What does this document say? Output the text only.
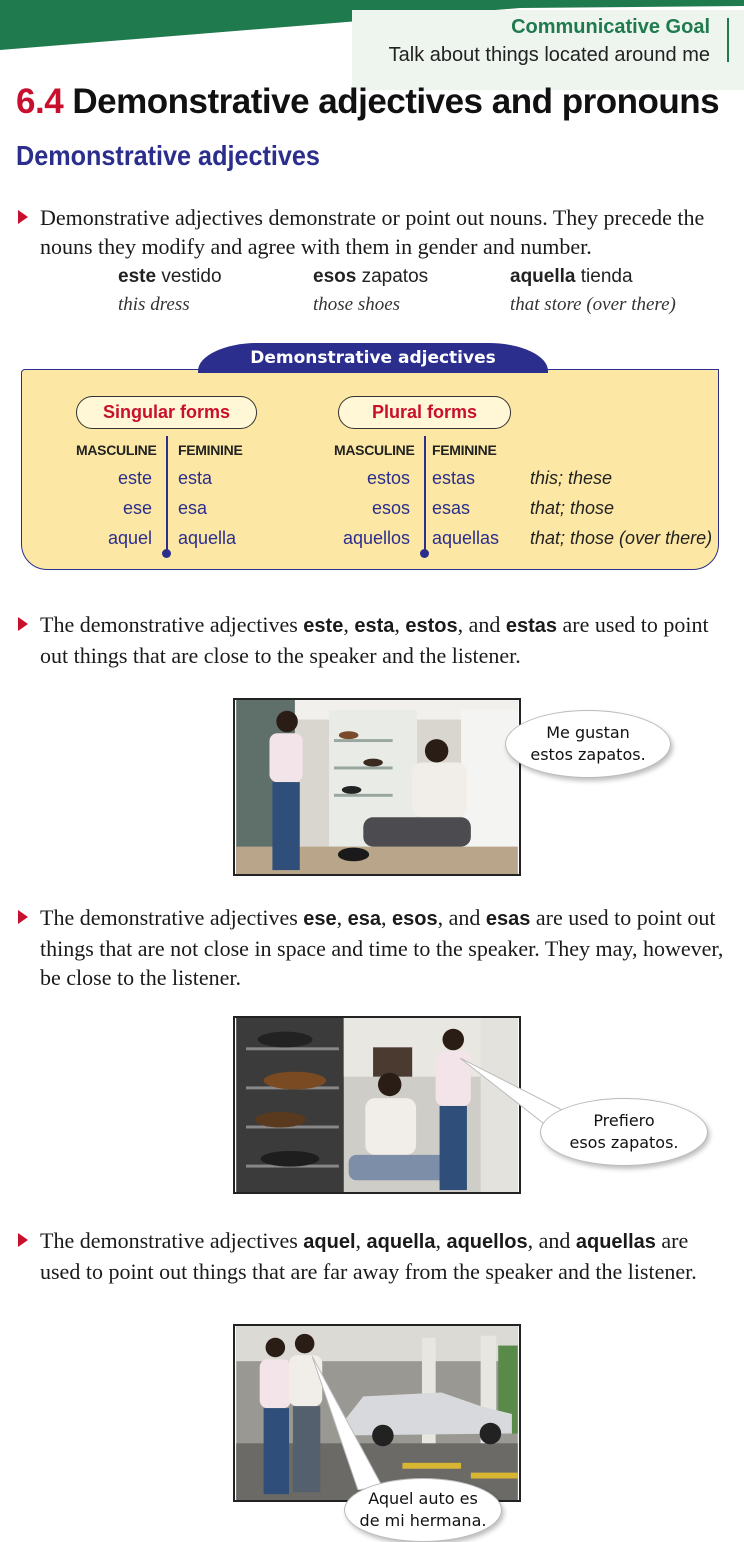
Communicative Goal
Talk about things located around me
6.4 Demonstrative adjectives and pronouns
Demonstrative adjectives
Demonstrative adjectives demonstrate or point out nouns. They precede the nouns they modify and agree with them in gender and number.
este vestido
this dress
esos zapatos
those shoes
aquella tienda
that store (over there)
Demonstrative adjectives
Singular forms	Plural forms
MASCULINE FEMININE	MASCULINE FEMININE
este esta	estos estas	this; these
ese esa	esos esas	that; those
aquel aquella	aquellos aquellas that; those (over there)
The demonstrative adjectives este, esta, estos, and estas are used to point out things that are close to the speaker and the listener.
Me gustan
estos zapatos.
The demonstrative adjectives ese, esa, esos, and esas are used to point out things that are not close in space and time to the speaker. They may, however, be close to the listener.
Prefiero
esos zapatos.
The demonstrative adjectives aquel, aquella, aquellos, and aquellas are used to point out things that are far away from the speaker and the listener.
Aquel auto es
de mi hermana.
